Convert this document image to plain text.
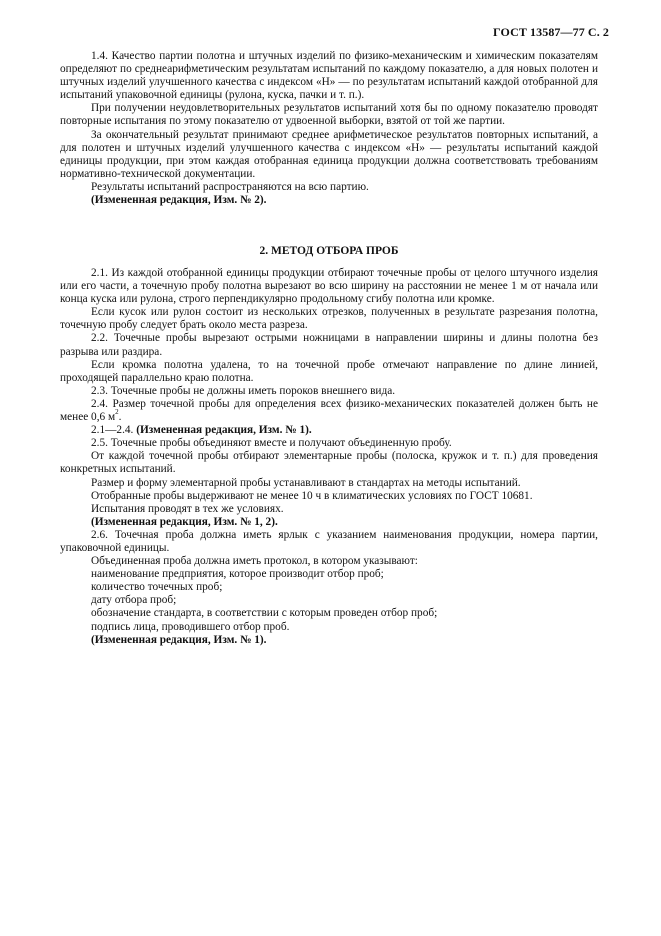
ГОСТ 13587—77 С. 2

1.4. Качество партии полотна и штучных изделий по физико-механическим и химическим показателям определяют по среднеарифметическим результатам испытаний по каждому показателю, а для новых полотен и штучных изделий улучшенного качества с индексом «Н» — по результатам испытаний каждой отобранной для испытаний упаковочной единицы (рулона, куска, пачки и т. п.).

При получении неудовлетворительных результатов испытаний хотя бы по одному показателю проводят повторные испытания по этому показателю от удвоенной выборки, взятой от той же партии.

За окончательный результат принимают среднее арифметическое результатов повторных испытаний, а для полотен и штучных изделий улучшенного качества с индексом «Н» — результаты испытаний каждой единицы продукции, при этом каждая отобранная единица продукции должна соответствовать требованиям нормативно-технической документации.

Результаты испытаний распространяются на всю партию.

(Измененная редакция, Изм. № 2).

2. МЕТОД ОТБОРА ПРОБ

2.1. Из каждой отобранной единицы продукции отбирают точечные пробы от целого штучного изделия или его части, а точечную пробу полотна вырезают во всю ширину на расстоянии не менее 1 м от начала или конца куска или рулона, строго перпендикулярно продольному сгибу полотна или кромке.

Если кусок или рулон состоит из нескольких отрезков, полученных в результате разрезания полотна, точечную пробу следует брать около места разреза.

2.2. Точечные пробы вырезают острыми ножницами в направлении ширины и длины полотна без разрыва или раздира.

Если кромка полотна удалена, то на точечной пробе отмечают направление по длине линией, проходящей параллельно краю полотна.

2.3. Точечные пробы не должны иметь пороков внешнего вида.

2.4. Размер точечной пробы для определения всех физико-механических показателей должен быть не менее 0,6 $м^2$.

2.1—2.4. (Измененная редакция, Изм. № 1).

2.5. Точечные пробы объединяют вместе и получают объединенную пробу.

От каждой точечной пробы отбирают элементарные пробы (полоска, кружок и т. п.) для проведения конкретных испытаний.

Размер и форму элементарной пробы устанавливают в стандартах на методы испытаний.

Отобранные пробы выдерживают не менее 10 ч в климатических условиях по ГОСТ 10681.

Испытания проводят в тех же условиях.

(Измененная редакция, Изм. № 1, 2).

2.6. Точечная проба должна иметь ярлык с указанием наименования продукции, номера партии, упаковочной единицы.

Объединенная проба должна иметь протокол, в котором указывают:

наименование предприятия, которое производит отбор проб;

количество точечных проб;

дату отбора проб;

обозначение стандарта, в соответствии с которым проведен отбор проб;

подпись лица, проводившего отбор проб.

(Измененная редакция, Изм. № 1).
